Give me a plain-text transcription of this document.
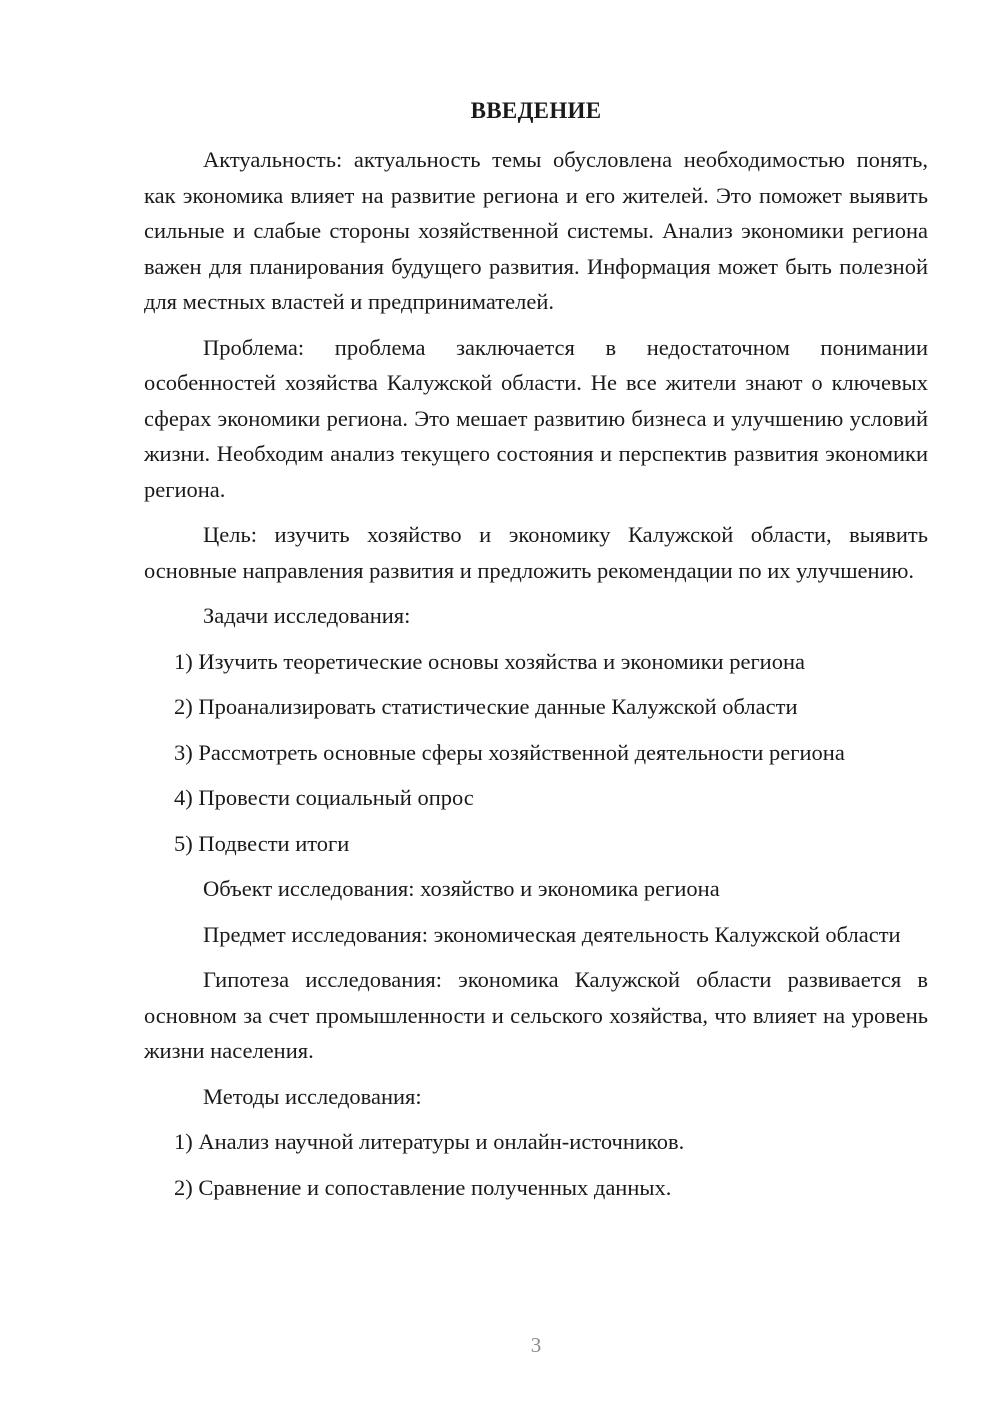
ВВЕДЕНИЕ

Актуальность: актуальность темы обусловлена необходимостью понять, как экономика влияет на развитие региона и его жителей. Это поможет выявить сильные и слабые стороны хозяйственной системы. Анализ экономики региона важен для планирования будущего развития. Информация может быть полезной для местных властей и предпринимателей.

Проблема: проблема заключается в недостаточном понимании особенностей хозяйства Калужской области. Не все жители знают о ключевых сферах экономики региона. Это мешает развитию бизнеса и улучшению условий жизни. Необходим анализ текущего состояния и перспектив развития экономики региона.

Цель: изучить хозяйство и экономику Калужской области, выявить основные направления развития и предложить рекомендации по их улучшению.

Задачи исследования:

1) Изучить теоретические основы хозяйства и экономики региона

2) Проанализировать статистические данные Калужской области

3) Рассмотреть основные сферы хозяйственной деятельности региона

4) Провести социальный опрос

5) Подвести итоги

Объект исследования: хозяйство и экономика региона

Предмет исследования: экономическая деятельность Калужской области

Гипотеза исследования: экономика Калужской области развивается в основном за счет промышленности и сельского хозяйства, что влияет на уровень жизни населения.

Методы исследования:

1) Анализ научной литературы и онлайн-источников.

2) Сравнение и сопоставление полученных данных.

3
